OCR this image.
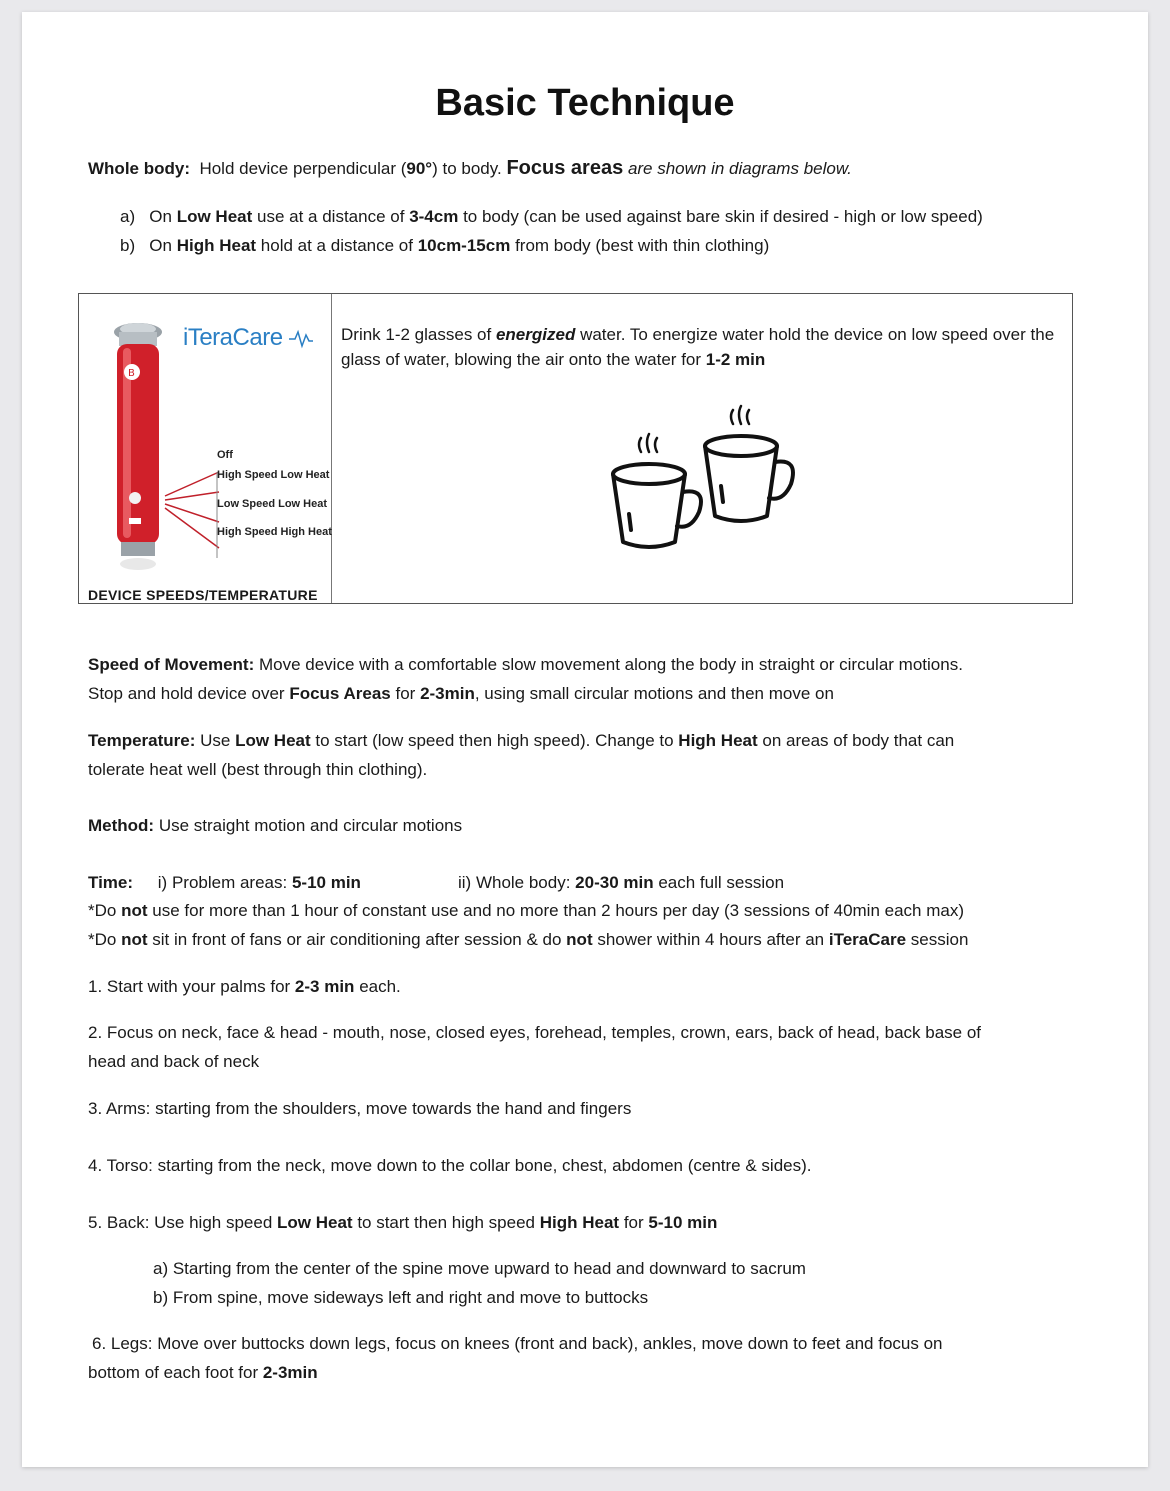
Basic Technique
Whole body: Hold device perpendicular (90°) to body. Focus areas are shown in diagrams below.
a) On Low Heat use at a distance of 3-4cm to body (can be used against bare skin if desired - high or low speed)
b) On High Heat hold at a distance of 10cm-15cm from body (best with thin clothing)
B
iTeraCare
Off
High Speed Low Heat
Low Speed Low Heat
High Speed High Heat
DEVICE SPEEDS/TEMPERATURE
Drink 1-2 glasses of energized water. To energize water hold the device on low speed over the glass of water, blowing the air onto the water for 1-2 min
Speed of Movement: Move device with a comfortable slow movement along the body in straight or circular motions.
Stop and hold device over Focus Areas for 2-3min, using small circular motions and then move on
Temperature: Use Low Heat to start (low speed then high speed). Change to High Heat on areas of body that can
tolerate heat well (best through thin clothing).
Method: Use straight motion and circular motions
Time: i) Problem areas: 5-10 min	ii) Whole body: 20-30 min each full session
*Do not use for more than 1 hour of constant use and no more than 2 hours per day (3 sessions of 40min each max)
*Do not sit in front of fans or air conditioning after session & do not shower within 4 hours after an iTeraCare session
1. Start with your palms for 2-3 min each.
2. Focus on neck, face & head - mouth, nose, closed eyes, forehead, temples, crown, ears, back of head, back base of
head and back of neck
3. Arms: starting from the shoulders, move towards the hand and fingers
4. Torso: starting from the neck, move down to the collar bone, chest, abdomen (centre & sides).
5. Back: Use high speed Low Heat to start then high speed High Heat for 5-10 min
a) Starting from the center of the spine move upward to head and downward to sacrum
b) From spine, move sideways left and right and move to buttocks
6. Legs: Move over buttocks down legs, focus on knees (front and back), ankles, move down to feet and focus on
bottom of each foot for 2-3min
